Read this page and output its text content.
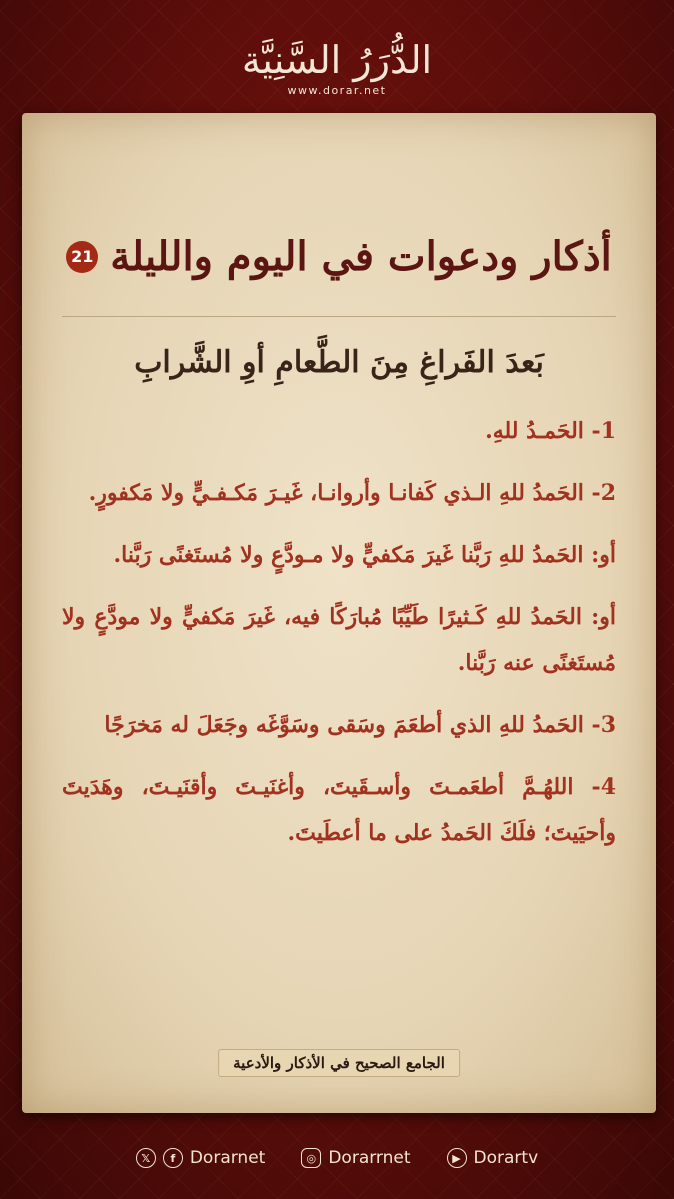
الدُّرَرُ السَّنِيَّة
www.dorar.net
أذكار ودعوات في اليوم والليلة
21
بَعدَ الفَراغِ مِنَ الطَّعامِ أوِ الشَّرابِ

1- الحَمـدُ للهِ.

2- الحَمدُ للهِ الـذي كَفانـا وأروانـا، غَيـرَ مَكـفـيٍّ ولا مَكفورٍ.

أو: الحَمدُ للهِ رَبَّنا غَيرَ مَكفيٍّ ولا مـودَّعٍ ولا مُستَغنًى رَبَّنا.

أو: الحَمدُ للهِ كَـثيرًا طَيِّبًا مُبارَكًا فيه، غَيرَ مَكفيٍّ ولا مودَّعٍ ولا مُستَغنًى عنه رَبَّنا.

3- الحَمدُ للهِ الذي أطعَمَ وسَقى وسَوَّغَه وجَعَلَ له مَخرَجًا

4- اللهُـمَّ أطعَمـتَ وأسـقَيتَ، وأغنَيـتَ وأقنَيـتَ، وهَدَيتَ وأحيَيتَ؛ فلَكَ الحَمدُ على ما أعطَيتَ.

الجامع الصحيح في الأذكار والأدعية
𝕏	f Dorarnet	◎ Dorarrnet	▶ Dorartv
